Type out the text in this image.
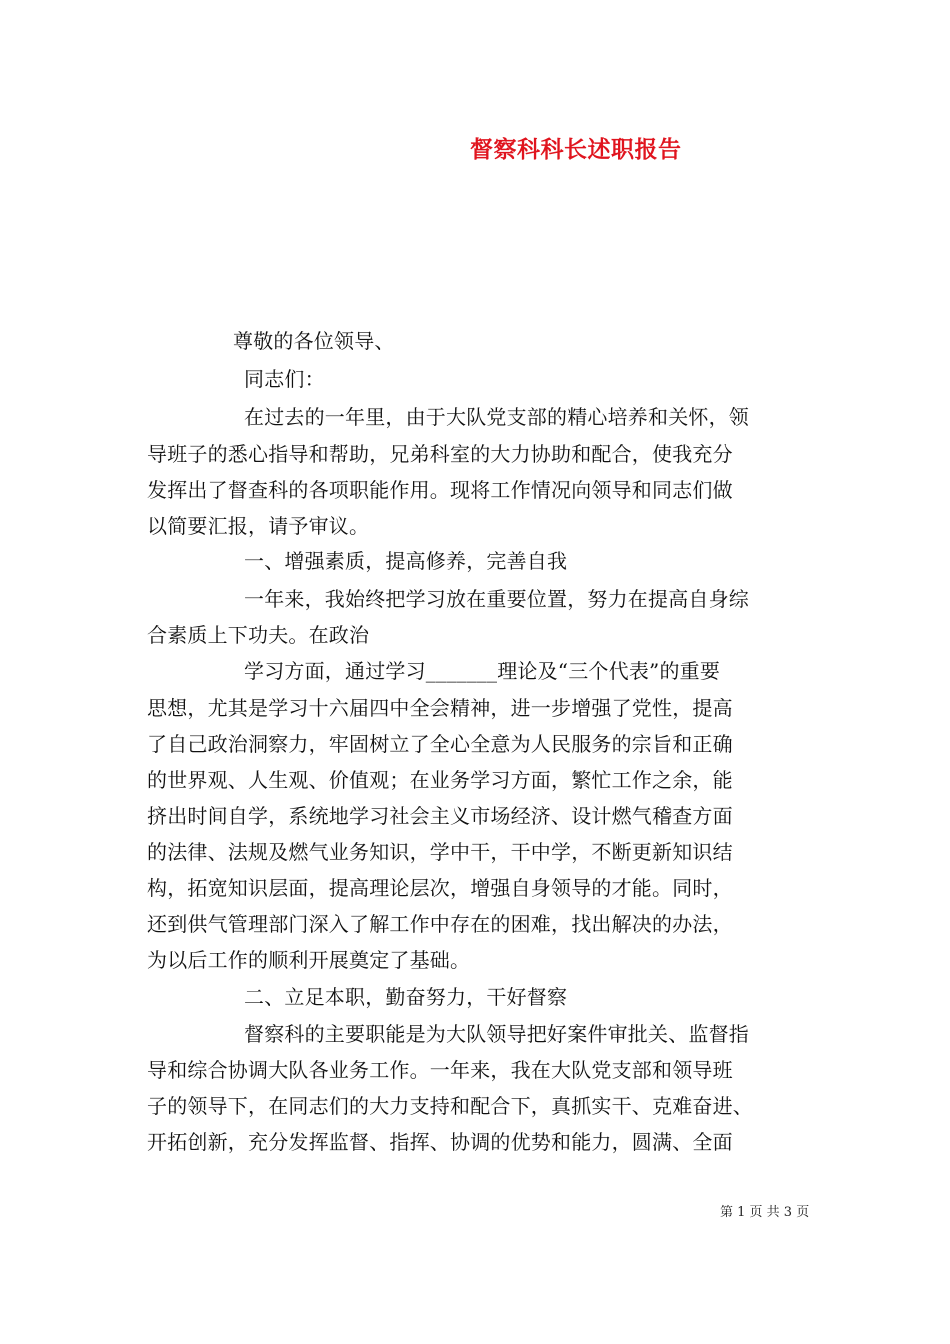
督察科科长述职报告
尊敬的各位领导、
同志们：
在过去的一年里，由于大队党支部的精心培养和关怀，领
导班子的悉心指导和帮助，兄弟科室的大力协助和配合，使我充分
发挥出了督查科的各项职能作用。现将工作情况向领导和同志们做
以简要汇报，请予审议。
一、增强素质，提高修养，完善自我
一年来，我始终把学习放在重要位置，努力在提高自身综
合素质上下功夫。在政治
学习方面，通过学习_______理论及“三个代表”的重要
思想，尤其是学习十六届四中全会精神，进一步增强了党性，提高
了自己政治洞察力，牢固树立了全心全意为人民服务的宗旨和正确
的世界观、人生观、价值观；在业务学习方面，繁忙工作之余，能
挤出时间自学，系统地学习社会主义市场经济、设计燃气稽查方面
的法律、法规及燃气业务知识，学中干，干中学，不断更新知识结
构，拓宽知识层面，提高理论层次，增强自身领导的才能。同时，
还到供气管理部门深入了解工作中存在的困难，找出解决的办法，
为以后工作的顺利开展奠定了基础。
二、立足本职，勤奋努力，干好督察
督察科的主要职能是为大队领导把好案件审批关、监督指
导和综合协调大队各业务工作。一年来，我在大队党支部和领导班
子的领导下，在同志们的大力支持和配合下，真抓实干、克难奋进、
开拓创新，充分发挥监督、指挥、协调的优势和能力，圆满、全面
第 1 页 共 3 页
